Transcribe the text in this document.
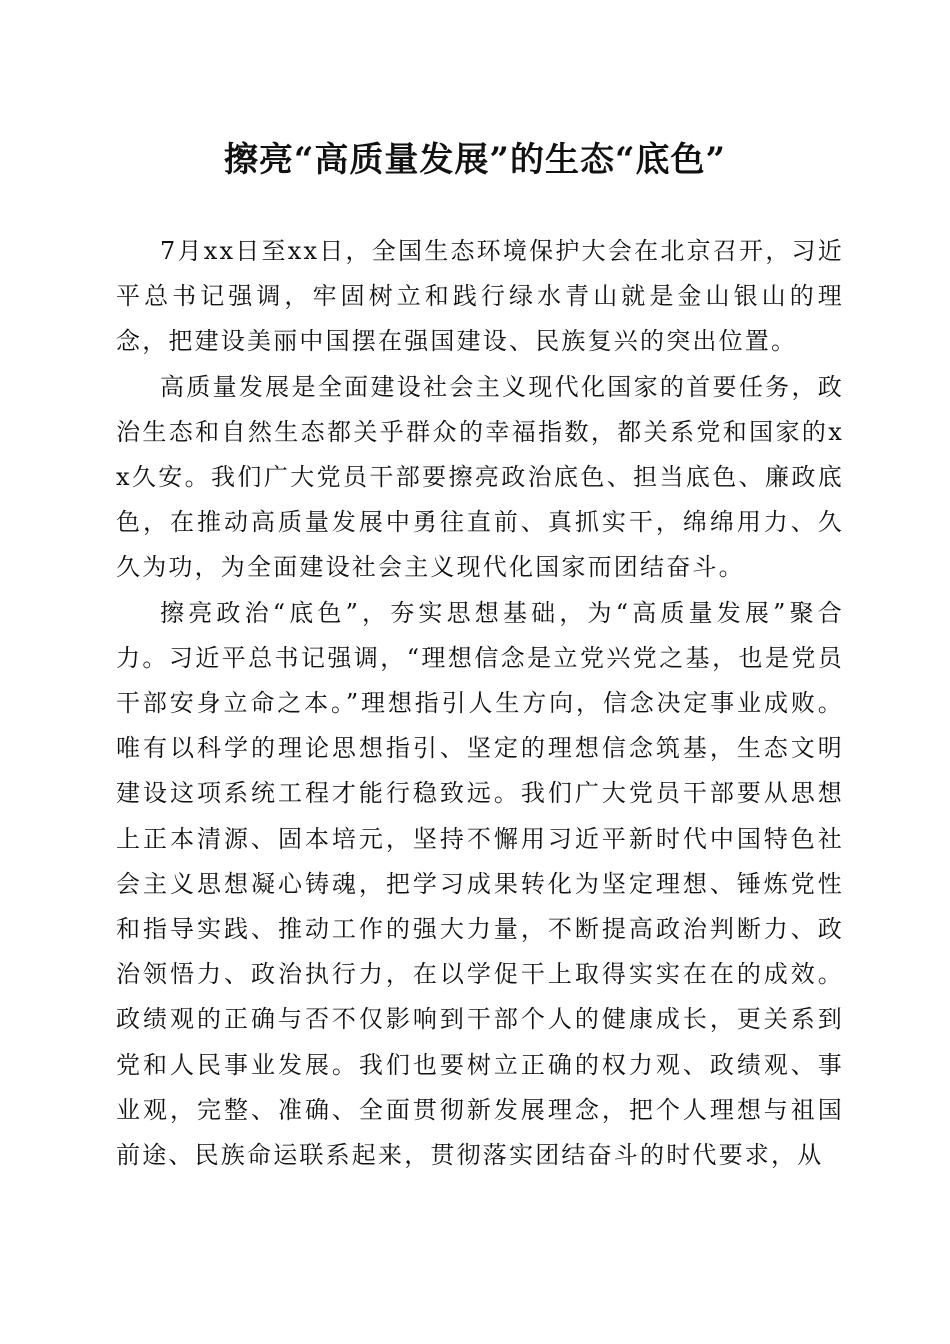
擦亮“高质量发展”的生态“底色”

7月xx日至xx日，全国生态环境保护大会在北京召开，习近平总书记强调，牢固树立和践行绿水青山就是金山银山的理念，把建设美丽中国摆在强国建设、民族复兴的突出位置。

高质量发展是全面建设社会主义现代化国家的首要任务，政治生态和自然生态都关乎群众的幸福指数，都关系党和国家的xx久安。我们广大党员干部要擦亮政治底色、担当底色、廉政底色，在推动高质量发展中勇往直前、真抓实干，绵绵用力、久久为功，为全面建设社会主义现代化国家而团结奋斗。

擦亮政治“底色”，夯实思想基础，为“高质量发展”聚合力。习近平总书记强调，“理想信念是立党兴党之基，也是党员干部安身立命之本。”理想指引人生方向，信念决定事业成败。唯有以科学的理论思想指引、坚定的理想信念筑基，生态文明建设这项系统工程才能行稳致远。我们广大党员干部要从思想上正本清源、固本培元，坚持不懈用习近平新时代中国特色社会主义思想凝心铸魂，把学习成果转化为坚定理想、锤炼党性和指导实践、推动工作的强大力量，不断提高政治判断力、政治领悟力、政治执行力，在以学促干上取得实实在在的成效。政绩观的正确与否不仅影响到干部个人的健康成长，更关系到党和人民事业发展。我们也要树立正确的权力观、政绩观、事业观，完整、准确、全面贯彻新发展理念，把个人理想与祖国前途、民族命运联系起来，贯彻落实团结奋斗的时代要求，从
